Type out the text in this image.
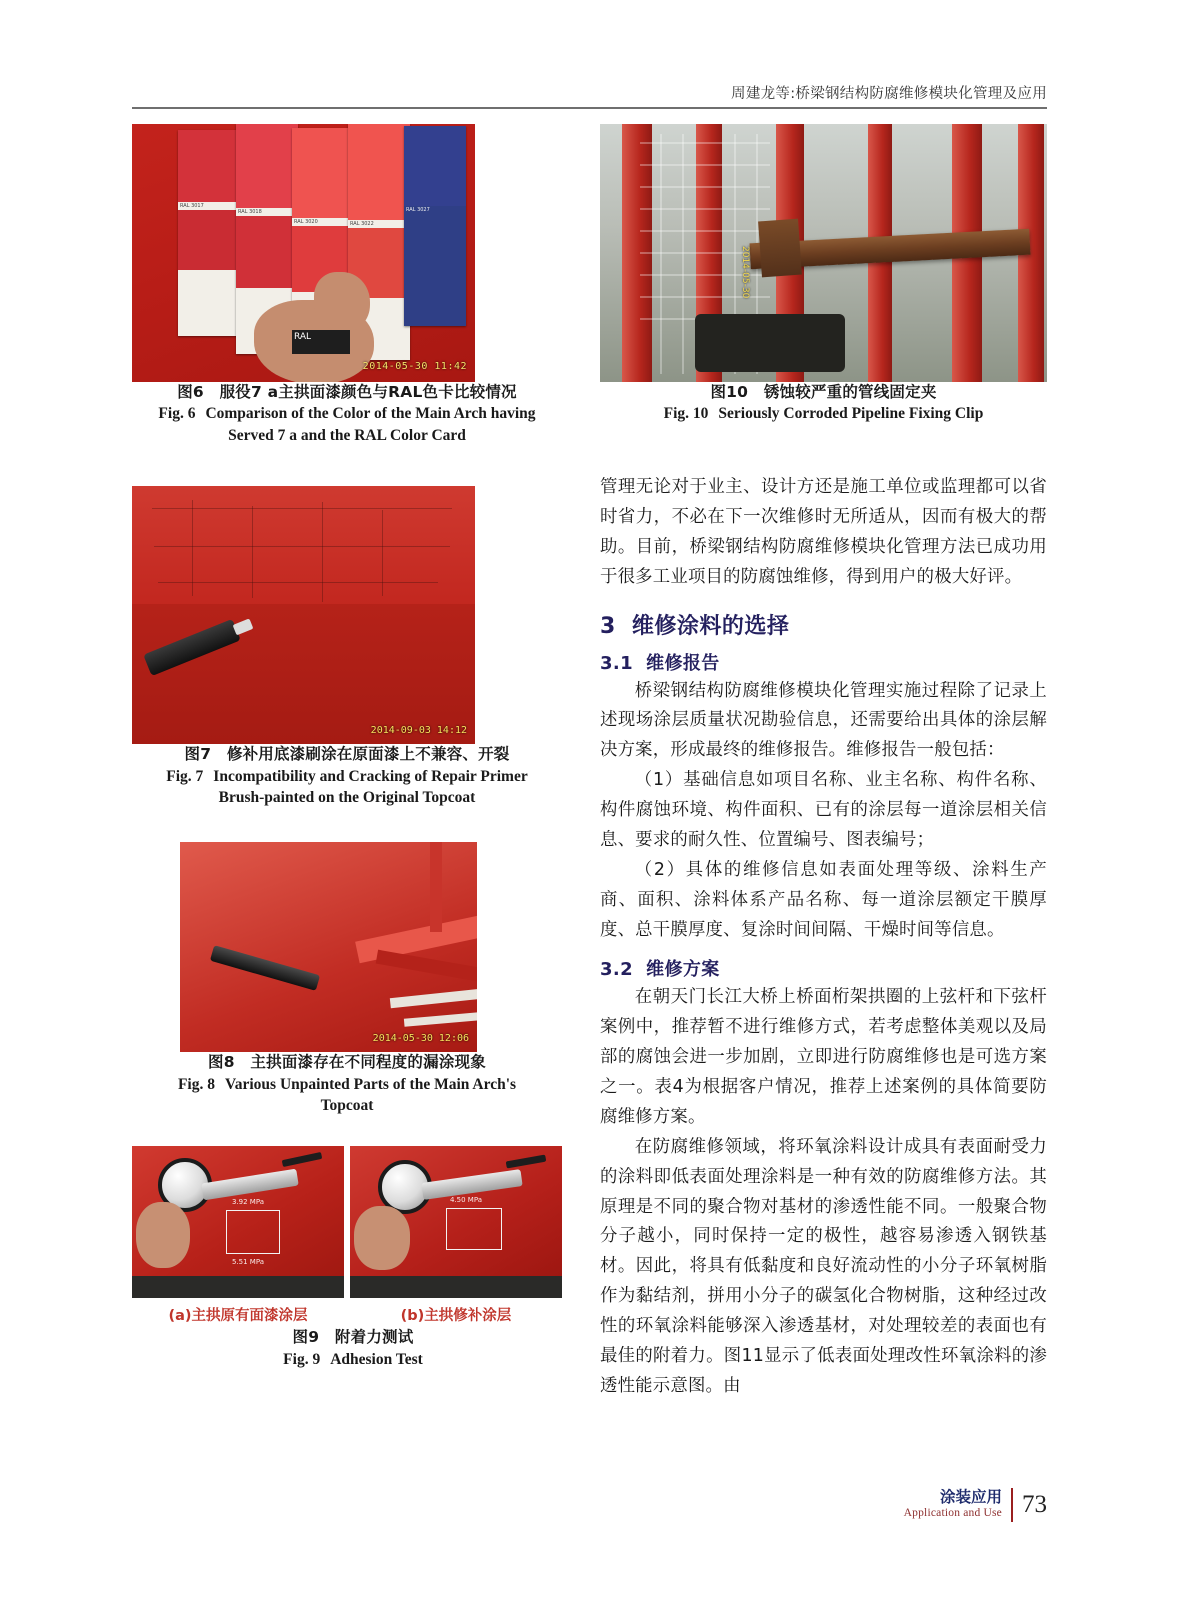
周建龙等:桥梁钢结构防腐维修模块化管理及应用
RAL 3017
RAL 3018
RAL 3020	RAL 3022
RAL 3027
RAL
2014-05-30 11:42
图6　服役7 a主拱面漆颜色与RAL色卡比较情况
Fig. 6 Comparison of the Color of the Main Arch having
Served 7 a and the RAL Color Card
2014-09-03 14:12
图7　修补用底漆刷涂在原面漆上不兼容、开裂
Fig. 7 Incompatibility and Cracking of Repair Primer
Brush-painted on the Original Topcoat
2014-05-30 12:06
图8　主拱面漆存在不同程度的漏涂现象
Fig. 8 Various Unpainted Parts of the Main Arch's
Topcoat
3.92 MPa
5.51 MPa
4.50 MPa
(a)主拱原有面漆涂层	(b)主拱修补涂层
图9　附着力测试
Fig. 9 Adhesion Test
2014-05-30
图10　锈蚀较严重的管线固定夹
Fig. 10 Seriously Corroded Pipeline Fixing Clip

管理无论对于业主、设计方还是施工单位或监理都可以省时省力，不必在下一次维修时无所适从，因而有极大的帮助。目前，桥梁钢结构防腐维修模块化管理方法已成功用于很多工业项目的防腐蚀维修，得到用户的极大好评。

3 维修涂料的选择
3.1 维修报告

桥梁钢结构防腐维修模块化管理实施过程除了记录上述现场涂层质量状况勘验信息，还需要给出具体的涂层解决方案，形成最终的维修报告。维修报告一般包括：

（1）基础信息如项目名称、业主名称、构件名称、构件腐蚀环境、构件面积、已有的涂层每一道涂层相关信息、要求的耐久性、位置编号、图表编号；

（2）具体的维修信息如表面处理等级、涂料生产商、面积、涂料体系产品名称、每一道涂层额定干膜厚度、总干膜厚度、复涂时间间隔、干燥时间等信息。

3.2 维修方案

在朝天门长江大桥上桥面桁架拱圈的上弦杆和下弦杆案例中，推荐暂不进行维修方式，若考虑整体美观以及局部的腐蚀会进一步加剧，立即进行防腐维修也是可选方案之一。表4为根据客户情况，推荐上述案例的具体简要防腐维修方案。

在防腐维修领域，将环氧涂料设计成具有表面耐受力的涂料即低表面处理涂料是一种有效的防腐维修方法。其原理是不同的聚合物对基材的渗透性能不同。一般聚合物分子越小，同时保持一定的极性，越容易渗透入钢铁基材。因此，将具有低黏度和良好流动性的小分子环氧树脂作为黏结剂，拼用小分子的碳氢化合物树脂，这种经过改性的环氧涂料能够深入渗透基材，对处理较差的表面也有最佳的附着力。图11显示了低表面处理改性环氧涂料的渗透性能示意图。由

涂装应用
Application and Use 73
